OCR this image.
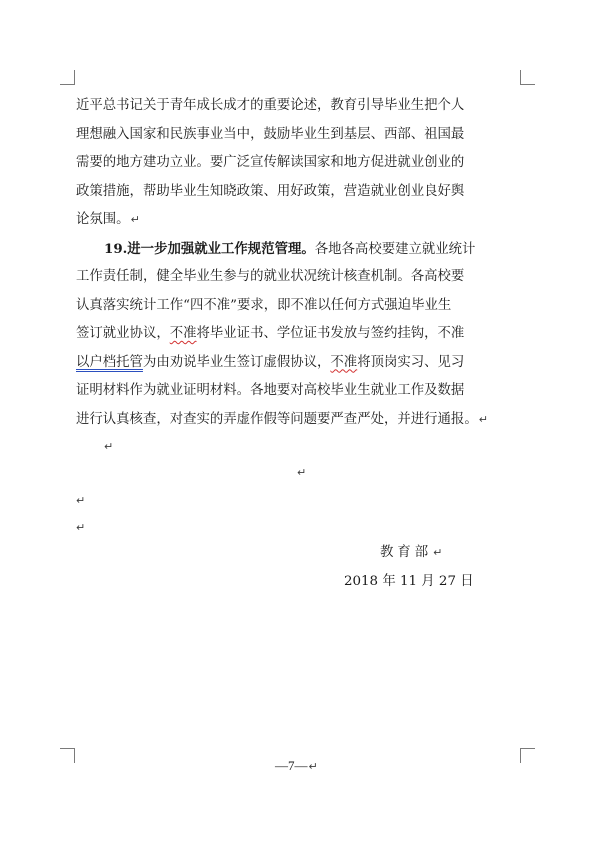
近平总书记关于青年成长成才的重要论述，教育引导毕业生把个人
理想融入国家和民族事业当中，鼓励毕业生到基层、西部、祖国最
需要的地方建功立业。要广泛宣传解读国家和地方促进就业创业的
政策措施，帮助毕业生知晓政策、用好政策，营造就业创业良好舆
论氛围。↵
19.进一步加强就业工作规范管理。各地各高校要建立就业统计
工作责任制，健全毕业生参与的就业状况统计核查机制。各高校要
认真落实统计工作“四不准”要求，即不准以任何方式强迫毕业生
签订就业协议，不准将毕业证书、学位证书发放与签约挂钩，不准
以户档托管为由劝说毕业生签订虚假协议，不准将顶岗实习、见习
证明材料作为就业证明材料。各地要对高校毕业生就业工作及数据
进行认真核查，对查实的弄虚作假等问题要严查严处，并进行通报。↵
↵
↵
↵
↵
教育部↵
2018 年 11 月 27 日
—7—↵
